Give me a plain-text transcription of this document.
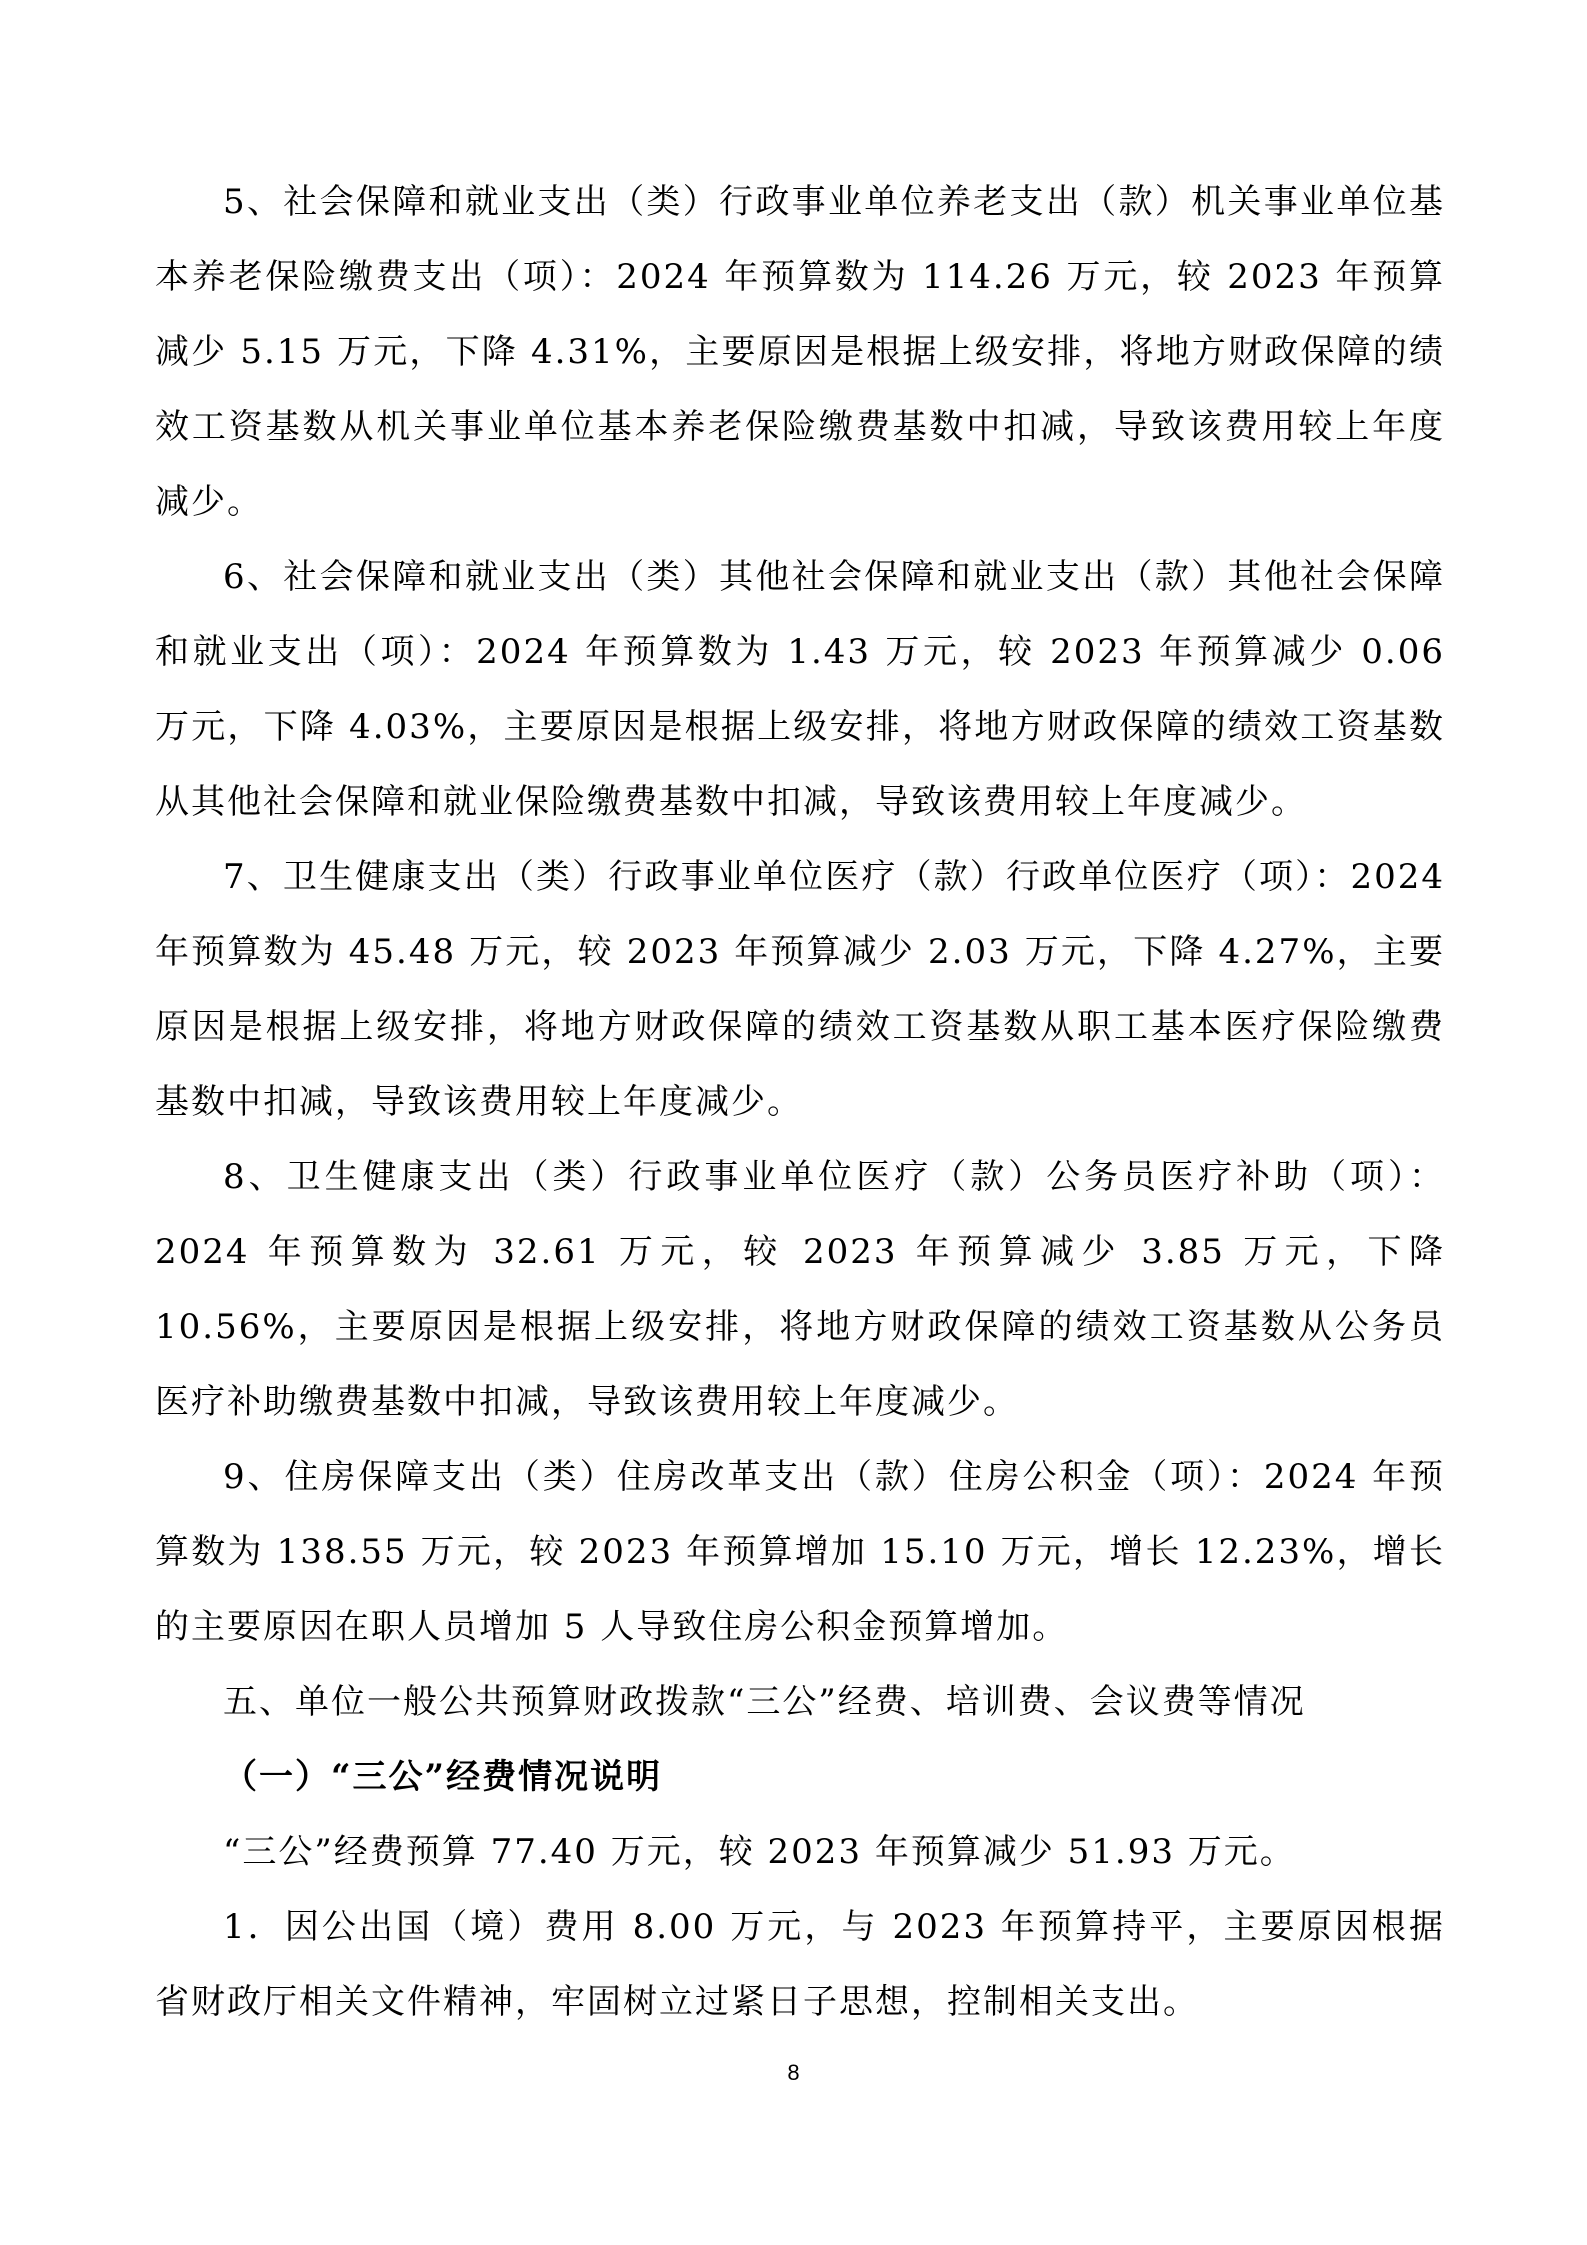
5、社会保障和就业支出（类）行政事业单位养老支出（款）机关事业单位基本养老保险缴费支出（项）：2024 年预算数为 114.26 万元，较 2023 年预算减少 5.15 万元，下降 4.31%，主要原因是根据上级安排，将地方财政保障的绩效工资基数从机关事业单位基本养老保险缴费基数中扣减，导致该费用较上年度减少。

6、社会保障和就业支出（类）其他社会保障和就业支出（款）其他社会保障和就业支出（项）：2024 年预算数为 1.43 万元，较 2023 年预算减少 0.06 万元，下降 4.03%，主要原因是根据上级安排，将地方财政保障的绩效工资基数从其他社会保障和就业保险缴费基数中扣减，导致该费用较上年度减少。

7、卫生健康支出（类）行政事业单位医疗（款）行政单位医疗（项）：2024 年预算数为 45.48 万元，较 2023 年预算减少 2.03 万元，下降 4.27%，主要原因是根据上级安排，将地方财政保障的绩效工资基数从职工基本医疗保险缴费基数中扣减，导致该费用较上年度减少。

8、卫生健康支出（类）行政事业单位医疗（款）公务员医疗补助（项）：2024 年预算数为 32.61 万元，较 2023 年预算减少 3.85 万元，下降 10.56%，主要原因是根据上级安排，将地方财政保障的绩效工资基数从公务员医疗补助缴费基数中扣减，导致该费用较上年度减少。

9、住房保障支出（类）住房改革支出（款）住房公积金（项）：2024 年预算数为 138.55 万元，较 2023 年预算增加 15.10 万元，增长 12.23%，增长的主要原因在职人员增加 5 人导致住房公积金预算增加。

五、单位一般公共预算财政拨款“三公”经费、培训费、会议费等情况

（一）“三公”经费情况说明

“三公”经费预算 77.40 万元，较 2023 年预算减少 51.93 万元。

1．因公出国（境）费用 8.00 万元，与 2023 年预算持平，主要原因根据省财政厅相关文件精神，牢固树立过紧日子思想，控制相关支出。

8
